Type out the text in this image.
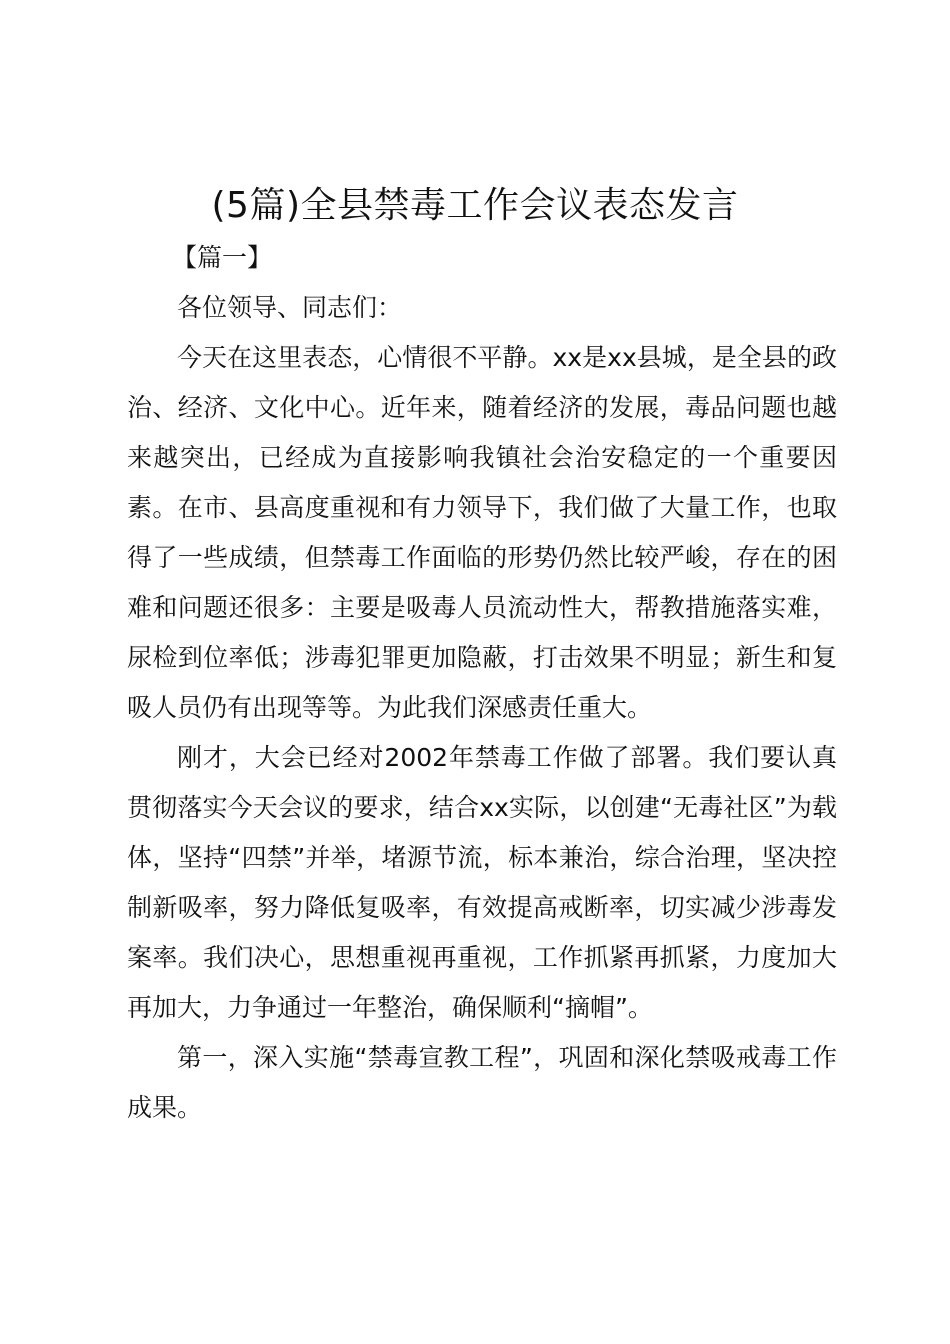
(5篇)全县禁毒工作会议表态发言

【篇一】

各位领导、同志们：

今天在这里表态，心情很不平静。xx是xx县城，是全县的政治、经济、文化中心。近年来，随着经济的发展，毒品问题也越来越突出，已经成为直接影响我镇社会治安稳定的一个重要因素。在市、县高度重视和有力领导下，我们做了大量工作，也取得了一些成绩，但禁毒工作面临的形势仍然比较严峻，存在的困难和问题还很多：主要是吸毒人员流动性大，帮教措施落实难，尿检到位率低；涉毒犯罪更加隐蔽，打击效果不明显；新生和复吸人员仍有出现等等。为此我们深感责任重大。

刚才，大会已经对2002年禁毒工作做了部署。我们要认真贯彻落实今天会议的要求，结合xx实际，以创建“无毒社区”为载体，坚持“四禁”并举，堵源节流，标本兼治，综合治理，坚决控制新吸率，努力降低复吸率，有效提高戒断率，切实减少涉毒发案率。我们决心，思想重视再重视，工作抓紧再抓紧，力度加大再加大，力争通过一年整治，确保顺利“摘帽”。

第一，深入实施“禁毒宣教工程”，巩固和深化禁吸戒毒工作成果。
